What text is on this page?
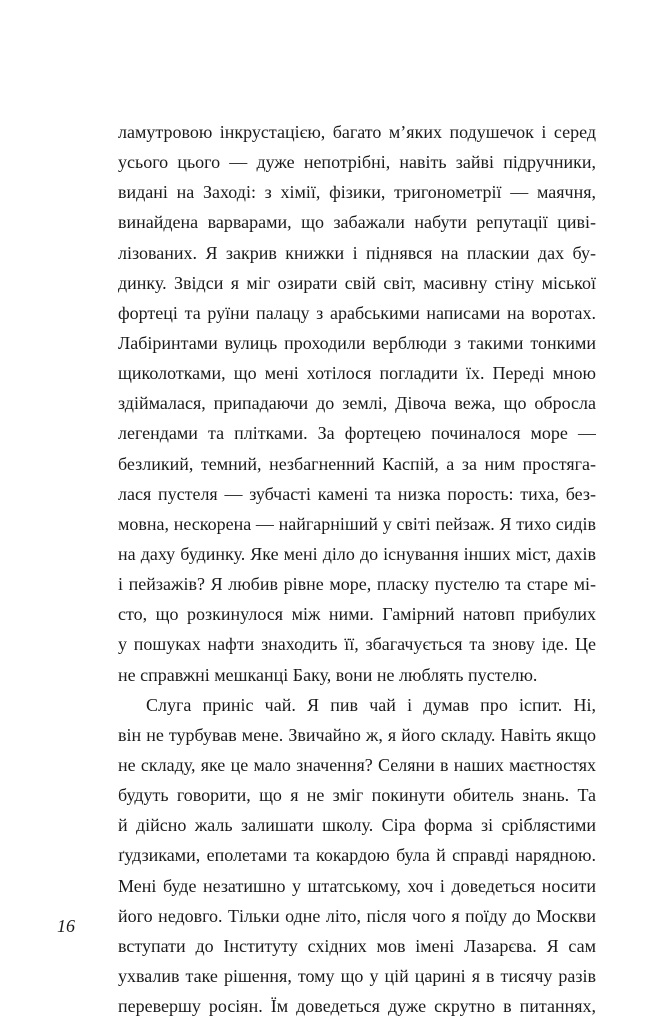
ламутровою інкрустацією, багато м’яких подушечок і серед
усього цього — дуже непотрібні, навіть зайві підручники,
видані на Заході: з хімії, фізики, тригонометрії — маячня,
винайдена варварами, що забажали набути репутації циві-
лізованих. Я закрив книжки і піднявся на пласкии дах бу-
динку. Звідси я міг озирати свій світ, масивну стіну міської
фортеці та руїни палацу з арабськими написами на воротах.
Лабіринтами вулиць проходили верблюди з такими тонкими
щиколотками, що мені хотілося погладити їх. Переді мною
здіймалася, припадаючи до землі, Дівоча вежа, що обросла
легендами та плітками. За фортецею починалося море —
безликий, темний, незбагненний Каспій, а за ним простяга-
лася пустеля — зубчасті камені та низка порость: тиха, без-
мовна, нескорена — найгарніший у світі пейзаж. Я тихо сидів
на даху будинку. Яке мені діло до існування інших міст, дахів
і пейзажів? Я любив рівне море, пласку пустелю та старе мі-
сто, що розкинулося між ними. Гамірний натовп прибулих
у пошуках нафти знаходить її, збагачується та знову іде. Це
не справжні мешканці Баку, вони не люблять пустелю.
Слуга приніс чай. Я пив чай і думав про іспит. Ні,
він не турбував мене. Звичайно ж, я його складу. Навіть якщо
не складу, яке це мало значення? Селяни в наших маєтностях
будуть говорити, що я не зміг покинути обитель знань. Та
й дійсно жаль залишати школу. Сіра форма зі сріблястими
ґудзиками, еполетами та кокардою була й справді нарядною.
Мені буде незатишно у штатському, хоч і доведеться носити
його недовго. Тільки одне літо, після чого я поїду до Москви
вступати до Інституту східних мов імені Лазарєва. Я сам
ухвалив таке рішення, тому що у цій царині я в тисячу разів
перевершу росіян. Їм доведеться дуже скрутно в питаннях,
16
